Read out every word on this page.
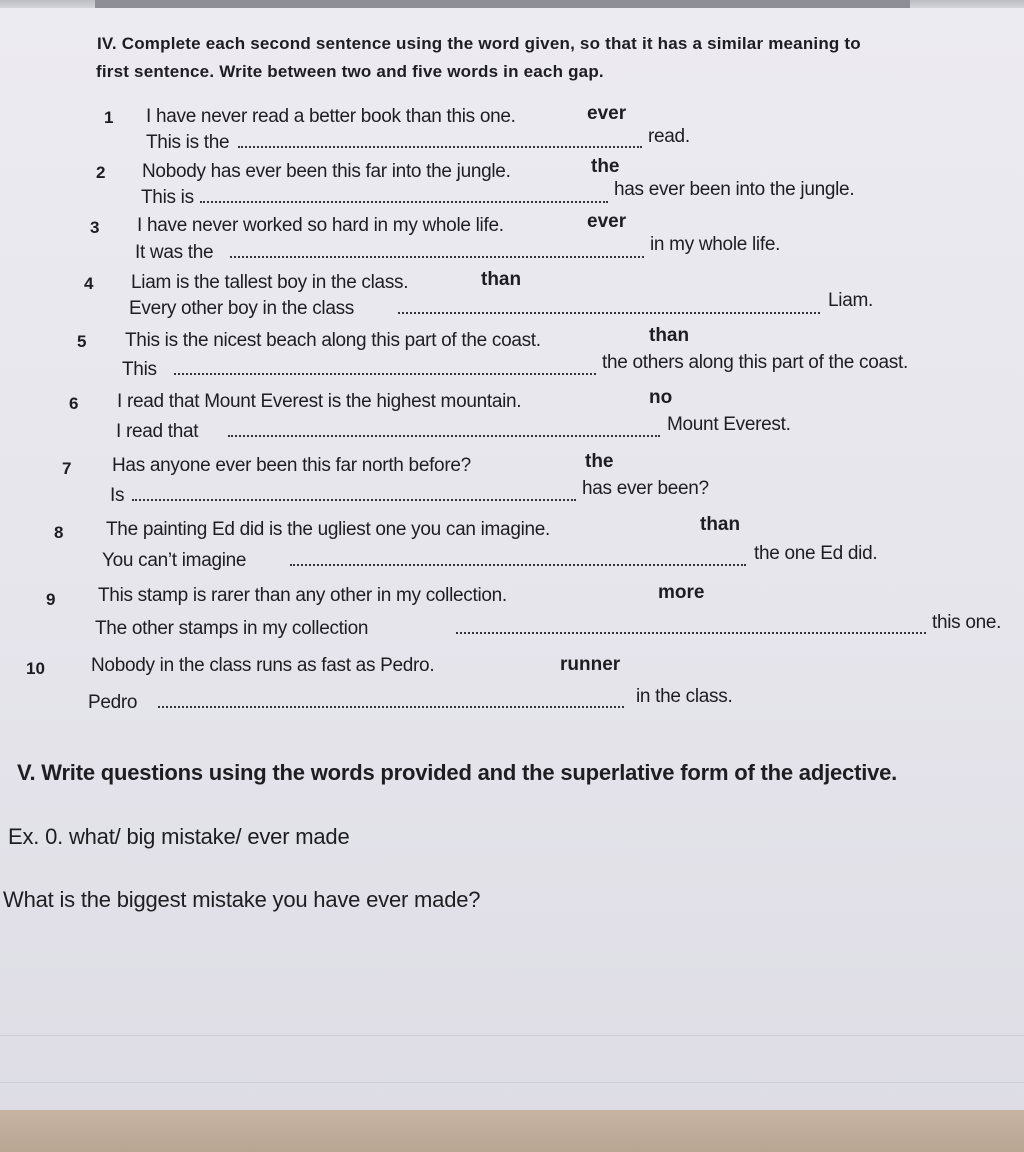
IV. Complete each second sentence using the word given, so that it has a similar meaning to
first sentence. Write between two and five words in each gap.
1 I have never read a better book than this one.	ever
This is the	read.
2 Nobody has ever been this far into the jungle.	the
This is	has ever been into the jungle.
3 I have never worked so hard in my whole life.	ever
It was the	in my whole life.
4 Liam is the tallest boy in the class.	than
Every other boy in the class	Liam.
5 This is the nicest beach along this part of the coast.	than
This	the others along this part of the coast.
6 I read that Mount Everest is the highest mountain.	no
I read that	Mount Everest.
7 Has anyone ever been this far north before?	the
Is	has ever been?
8 The painting Ed did is the ugliest one you can imagine.	than
You can’t imagine	the one Ed did.
9 This stamp is rarer than any other in my collection.	more
The other stamps in my collection	this one.
10 Nobody in the class runs as fast as Pedro.	runner
Pedro	in the class.
V. Write questions using the words provided and the superlative form of the adjective.
Ex. 0. what/ big mistake/ ever made
What is the biggest mistake you have ever made?
